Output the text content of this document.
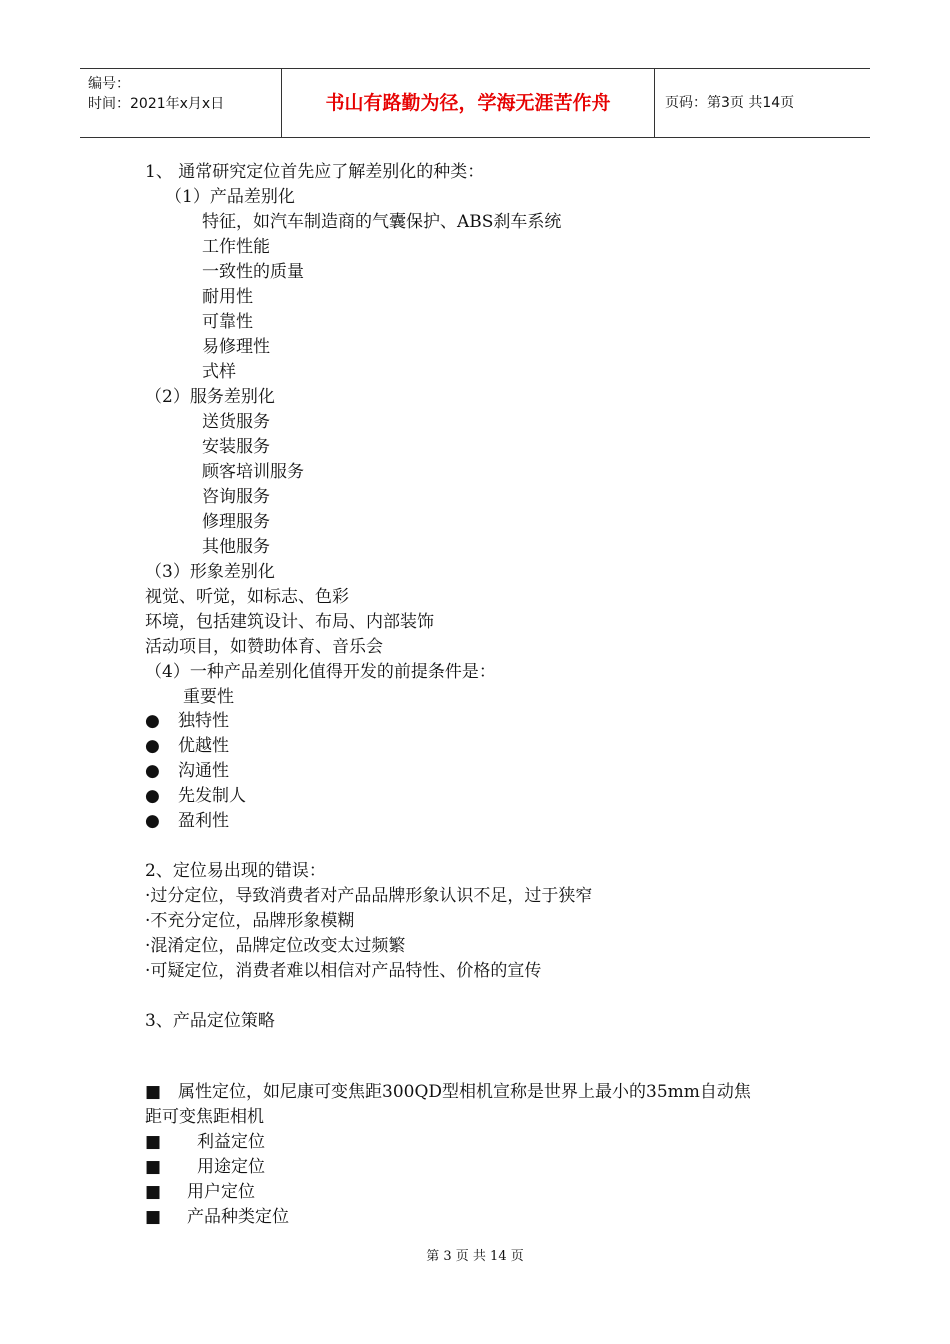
编号：
时间：2021年x月x日	书山有路勤为径，学海无涯苦作舟	页码：第3页 共14页
1、 通常研究定位首先应了解差别化的种类：
（1）产品差别化
特征，如汽车制造商的气囊保护、ABS刹车系统
工作性能
一致性的质量
耐用性
可靠性
易修理性
式样
（2）服务差别化
送货服务
安装服务
顾客培训服务
咨询服务
修理服务
其他服务
（3）形象差别化
视觉、听觉，如标志、色彩
环境，包括建筑设计、布局、内部装饰
活动项目，如赞助体育、音乐会
（4）一种产品差别化值得开发的前提条件是：
重要性
● 独特性
● 优越性
● 沟通性
● 先发制人
● 盈利性
2、定位易出现的错误：
·过分定位，导致消费者对产品品牌形象认识不足，过于狭窄
·不充分定位，品牌形象模糊
·混淆定位，品牌定位改变太过频繁
·可疑定位，消费者难以相信对产品特性、价格的宣传
3、产品定位策略
■ 属性定位，如尼康可变焦距300QD型相机宣称是世界上最小的35mm自动焦
距可变焦距相机
■ 利益定位
■ 用途定位
■ 用户定位
■ 产品种类定位
第 3 页 共 14 页
